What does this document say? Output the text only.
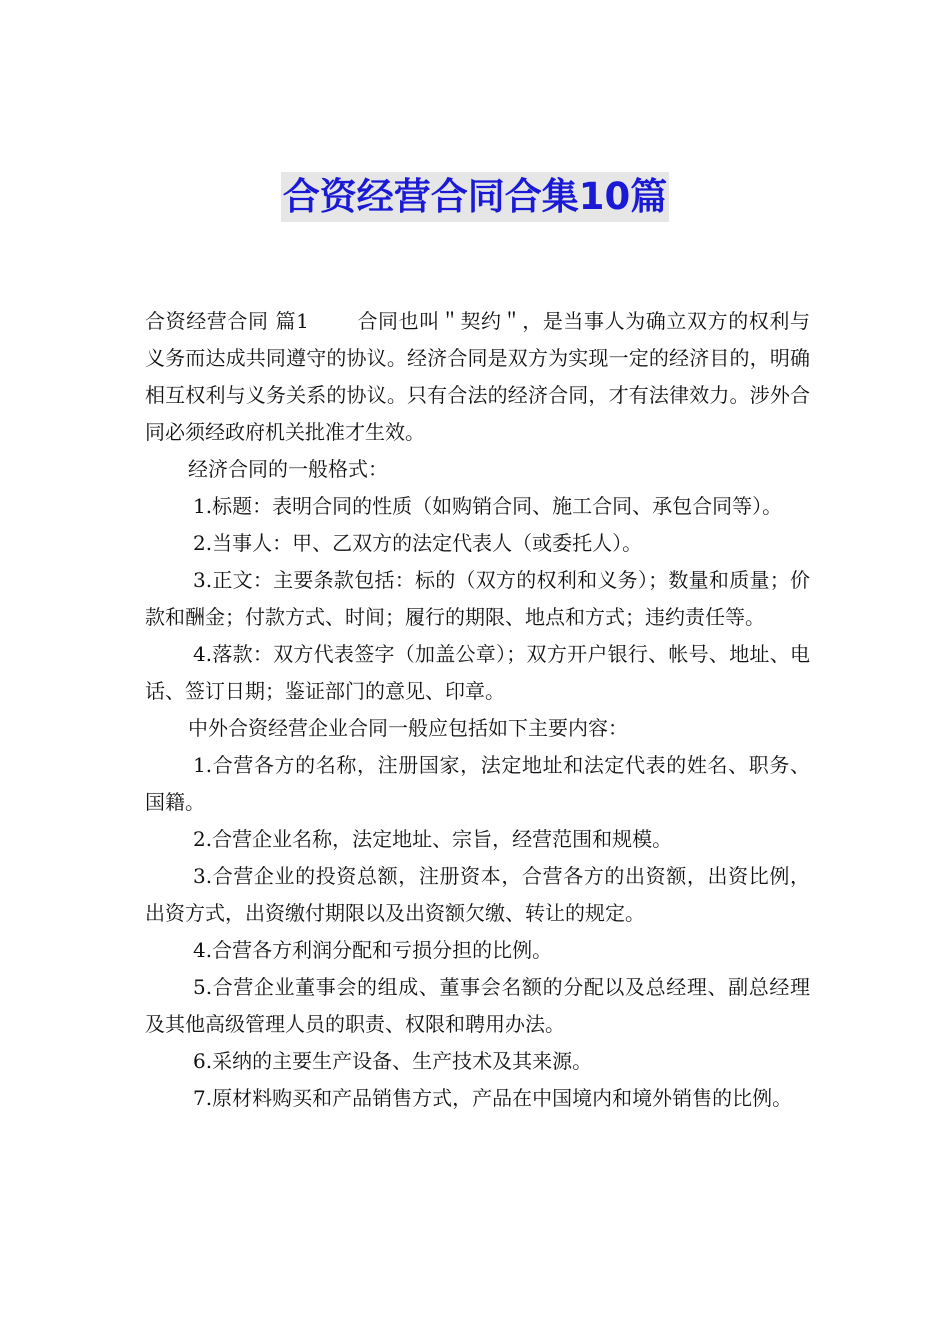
合资经营合同合集10篇

合资经营合同 篇1 合同也叫＂契约＂，是当事人为确立双方的权利与义务而达成共同遵守的协议。经济合同是双方为实现一定的经济目的，明确相互权利与义务关系的协议。只有合法的经济合同，才有法律效力。涉外合同必须经政府机关批准才生效。

经济合同的一般格式：

1.标题：表明合同的性质（如购销合同、施工合同、承包合同等）。

2.当事人：甲、乙双方的法定代表人（或委托人）。

3.正文：主要条款包括：标的（双方的权利和义务）；数量和质量；价款和酬金；付款方式、时间；履行的期限、地点和方式；违约责任等。

4.落款：双方代表签字（加盖公章）；双方开户银行、帐号、地址、电话、签订日期；鉴证部门的意见、印章。

中外合资经营企业合同一般应包括如下主要内容：

1.合营各方的名称，注册国家，法定地址和法定代表的姓名、职务、国籍。

2.合营企业名称，法定地址、宗旨，经营范围和规模。

3.合营企业的投资总额，注册资本，合营各方的出资额，出资比例，出资方式，出资缴付期限以及出资额欠缴、转让的规定。

4.合营各方利润分配和亏损分担的比例。

5.合营企业董事会的组成、董事会名额的分配以及总经理、副总经理及其他高级管理人员的职责、权限和聘用办法。

6.采纳的主要生产设备、生产技术及其来源。

7.原材料购买和产品销售方式，产品在中国境内和境外销售的比例。
